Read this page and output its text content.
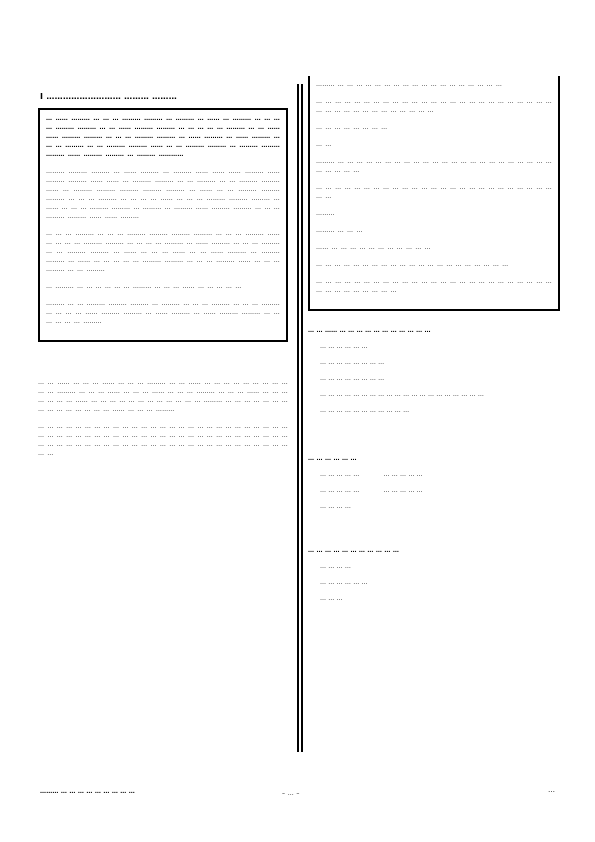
I ……………………… ……… ………

… …… ……… … … … ……… ……… … ……… … …… … ……… … … … … ……… ……… … … …… ……… ……… … … … … … ……… … … …… …… ……… ……… … … … ……… ……… … …… ……… … …… ……… … … … ……… … … ……… ……… …… … … ……… ……… … ……… ……… ……… …… ……… ……… … ……… …………

……… ……… ……… … …… ……… … ……… …… …… …… ……… …… ……… ……… …… …… … ……… ……… … … ……… … … ……… ……… …… … ……… ……… ……… ……… ……… … …… … … ……… ……… ……… … … … ……… … … … … …… … … … ……… ……… ……… … …… … … … ……… ……… … ……… … ……… …… ……… ……… … … … ……… ……… …… …… ………

… … … ……… … … … ……… ……… ……… ……… … … … ……… …… … … … … ……… ……… … … … … ……… … …… ……… … … … ……… … … ……… ……… … …… … … … …… … … …… ……… … ……… ……… … …… … … … … … ……… ……… … … … ……… …… … … … ……… … … ………

… ……… … … … … … … ……… … … … …… … … … … …

……… … … ……… ……… ……… … ……… … … … ……… … … … ……… … … … … …… ……… ……… … …… ……… … …… ……… ……… … … … … … … ………

… … …… … … … …… … … … ……… … … …… … … … … … … … … … … … ……… … … … …… … … … …… … … … ……… … … … …… … … … … … … … …… … … … … … … … … … … … … ……… … … … … … … … … … … … … … … … …… … … … ………

… … … … … … … … … … … … … … … … … … … … … … … … … … … … … … … … … … … … … … … … … … … … … … … … … … … … … … … … … … … … … … … … … … … … … … … … … … … … … … … … … … …

……… … … … … … … … … … … … … … … … … … …

… … … … … … … … … … … … … … … … … … … … … … … … … … … … … … … … … … … … … …

… … … … … … … …

… …

……… … … … … … … … … … … … … … … … … … … … … … … … … … … … …

… … … … … … … … … … … … … … … … … … … … … … … … … … …

………

……… … … …

…… … … … … … … … … … … …

… … … … … … … … … … … … … … … … … … … … …

… … … … … … … … … … … … … … … … … … … … … … … … … … … … … … … … … …

… … …… … … … … … … … … … … …
… … … … … …
… … … … … … … …
… … … … … … … …
… … … … … … … … … … … … … … … … … … … …
… … … … … … … … … … …
… … … … … …
… … … … …	… … … … …
… … … … …	… … … … …
… … … …
… … … … … … … … … … …
… … … …
… … … … … …
… … …
……… … … … … … … … … …	– … –	…
